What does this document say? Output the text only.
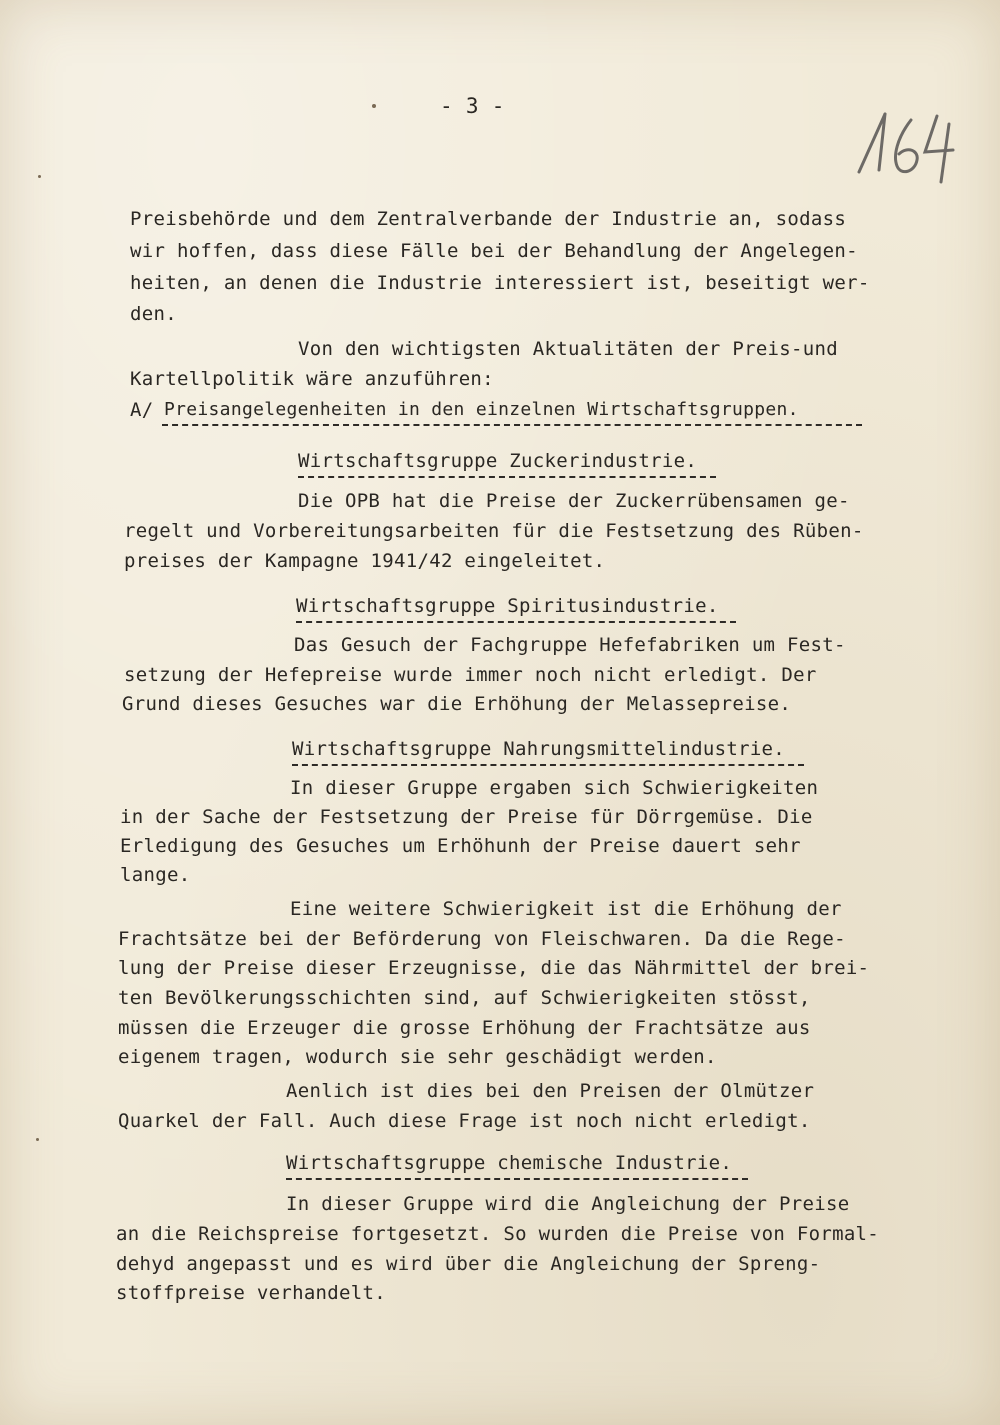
- 3 -
Preisbehörde und dem Zentralverbande der Industrie an, sodass
wir hoffen, dass diese Fälle bei der Behandlung der Angelegen-
heiten, an denen die Industrie interessiert ist, beseitigt wer-
den.
Von den wichtigsten Aktualitäten der Preis-und
Kartellpolitik wäre anzuführen:
A/ Preisangelegenheiten in den einzelnen Wirtschaftsgruppen.
Wirtschaftsgruppe Zuckerindustrie.
Die OPB hat die Preise der Zuckerrübensamen ge-
regelt und Vorbereitungsarbeiten für die Festsetzung des Rüben-
preises der Kampagne 1941/42 eingeleitet.
Wirtschaftsgruppe Spiritusindustrie.
Das Gesuch der Fachgruppe Hefefabriken um Fest-
setzung der Hefepreise wurde immer noch nicht erledigt. Der
Grund dieses Gesuches war die Erhöhung der Melassepreise.
Wirtschaftsgruppe Nahrungsmittelindustrie.
In dieser Gruppe ergaben sich Schwierigkeiten
in der Sache der Festsetzung der Preise für Dörrgemüse. Die
Erledigung des Gesuches um Erhöhunh der Preise dauert sehr
lange.
Eine weitere Schwierigkeit ist die Erhöhung der
Frachtsätze bei der Beförderung von Fleischwaren. Da die Rege-
lung der Preise dieser Erzeugnisse, die das Nährmittel der brei-
ten Bevölkerungsschichten sind, auf Schwierigkeiten stösst,
müssen die Erzeuger die grosse Erhöhung der Frachtsätze aus
eigenem tragen, wodurch sie sehr geschädigt werden.
Aenlich ist dies bei den Preisen der Olmützer
Quarkel der Fall. Auch diese Frage ist noch nicht erledigt.
Wirtschaftsgruppe chemische Industrie.
In dieser Gruppe wird die Angleichung der Preise
an die Reichspreise fortgesetzt. So wurden die Preise von Formal-
dehyd angepasst und es wird über die Angleichung der Spreng-
stoffpreise verhandelt.
